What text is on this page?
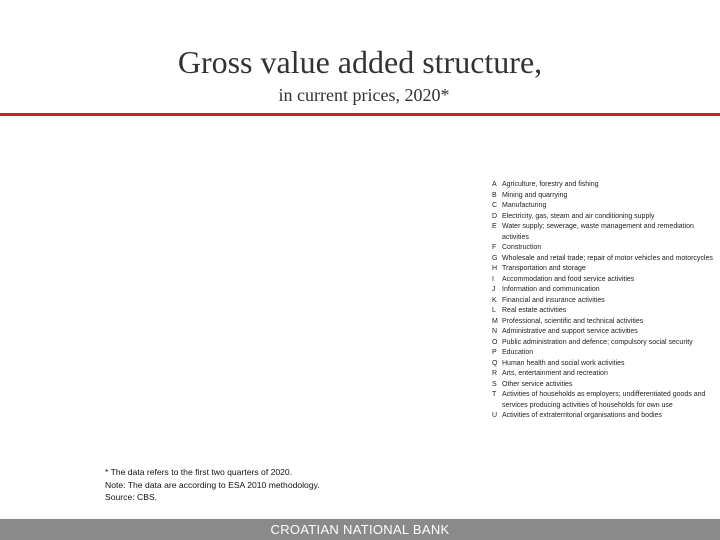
Gross value added structure,
in current prices, 2020*
A Agriculture, forestry and fishing
B Mining and quarrying
C Manufacturing
D Electricity, gas, steam and air conditioning supply
E Water supply; sewerage, waste management and remediation activities
F Construction
G Wholesale and retail trade; repair of motor vehicles and motorcycles
H Transportation and storage
I	Accommodation and food service activities
J Information and communication
K Financial and insurance activities
L Real estate activities
M Professional, scientific and technical activities
N Administrative and support service activities
O Public administration and defence; compulsory social security
P Education
Q Human health and social work activities
R Arts, entertainment and recreation
S Other service activities
T Activities of households as employers; undifferentiated goods and services producing activities of households for own use
U Activities of extraterritorial organisations and bodies
* The data refers to the first two quarters of 2020.
Note: The data are according to ESA 2010 methodology.
Source: CBS.
CROATIAN NATIONAL BANK
